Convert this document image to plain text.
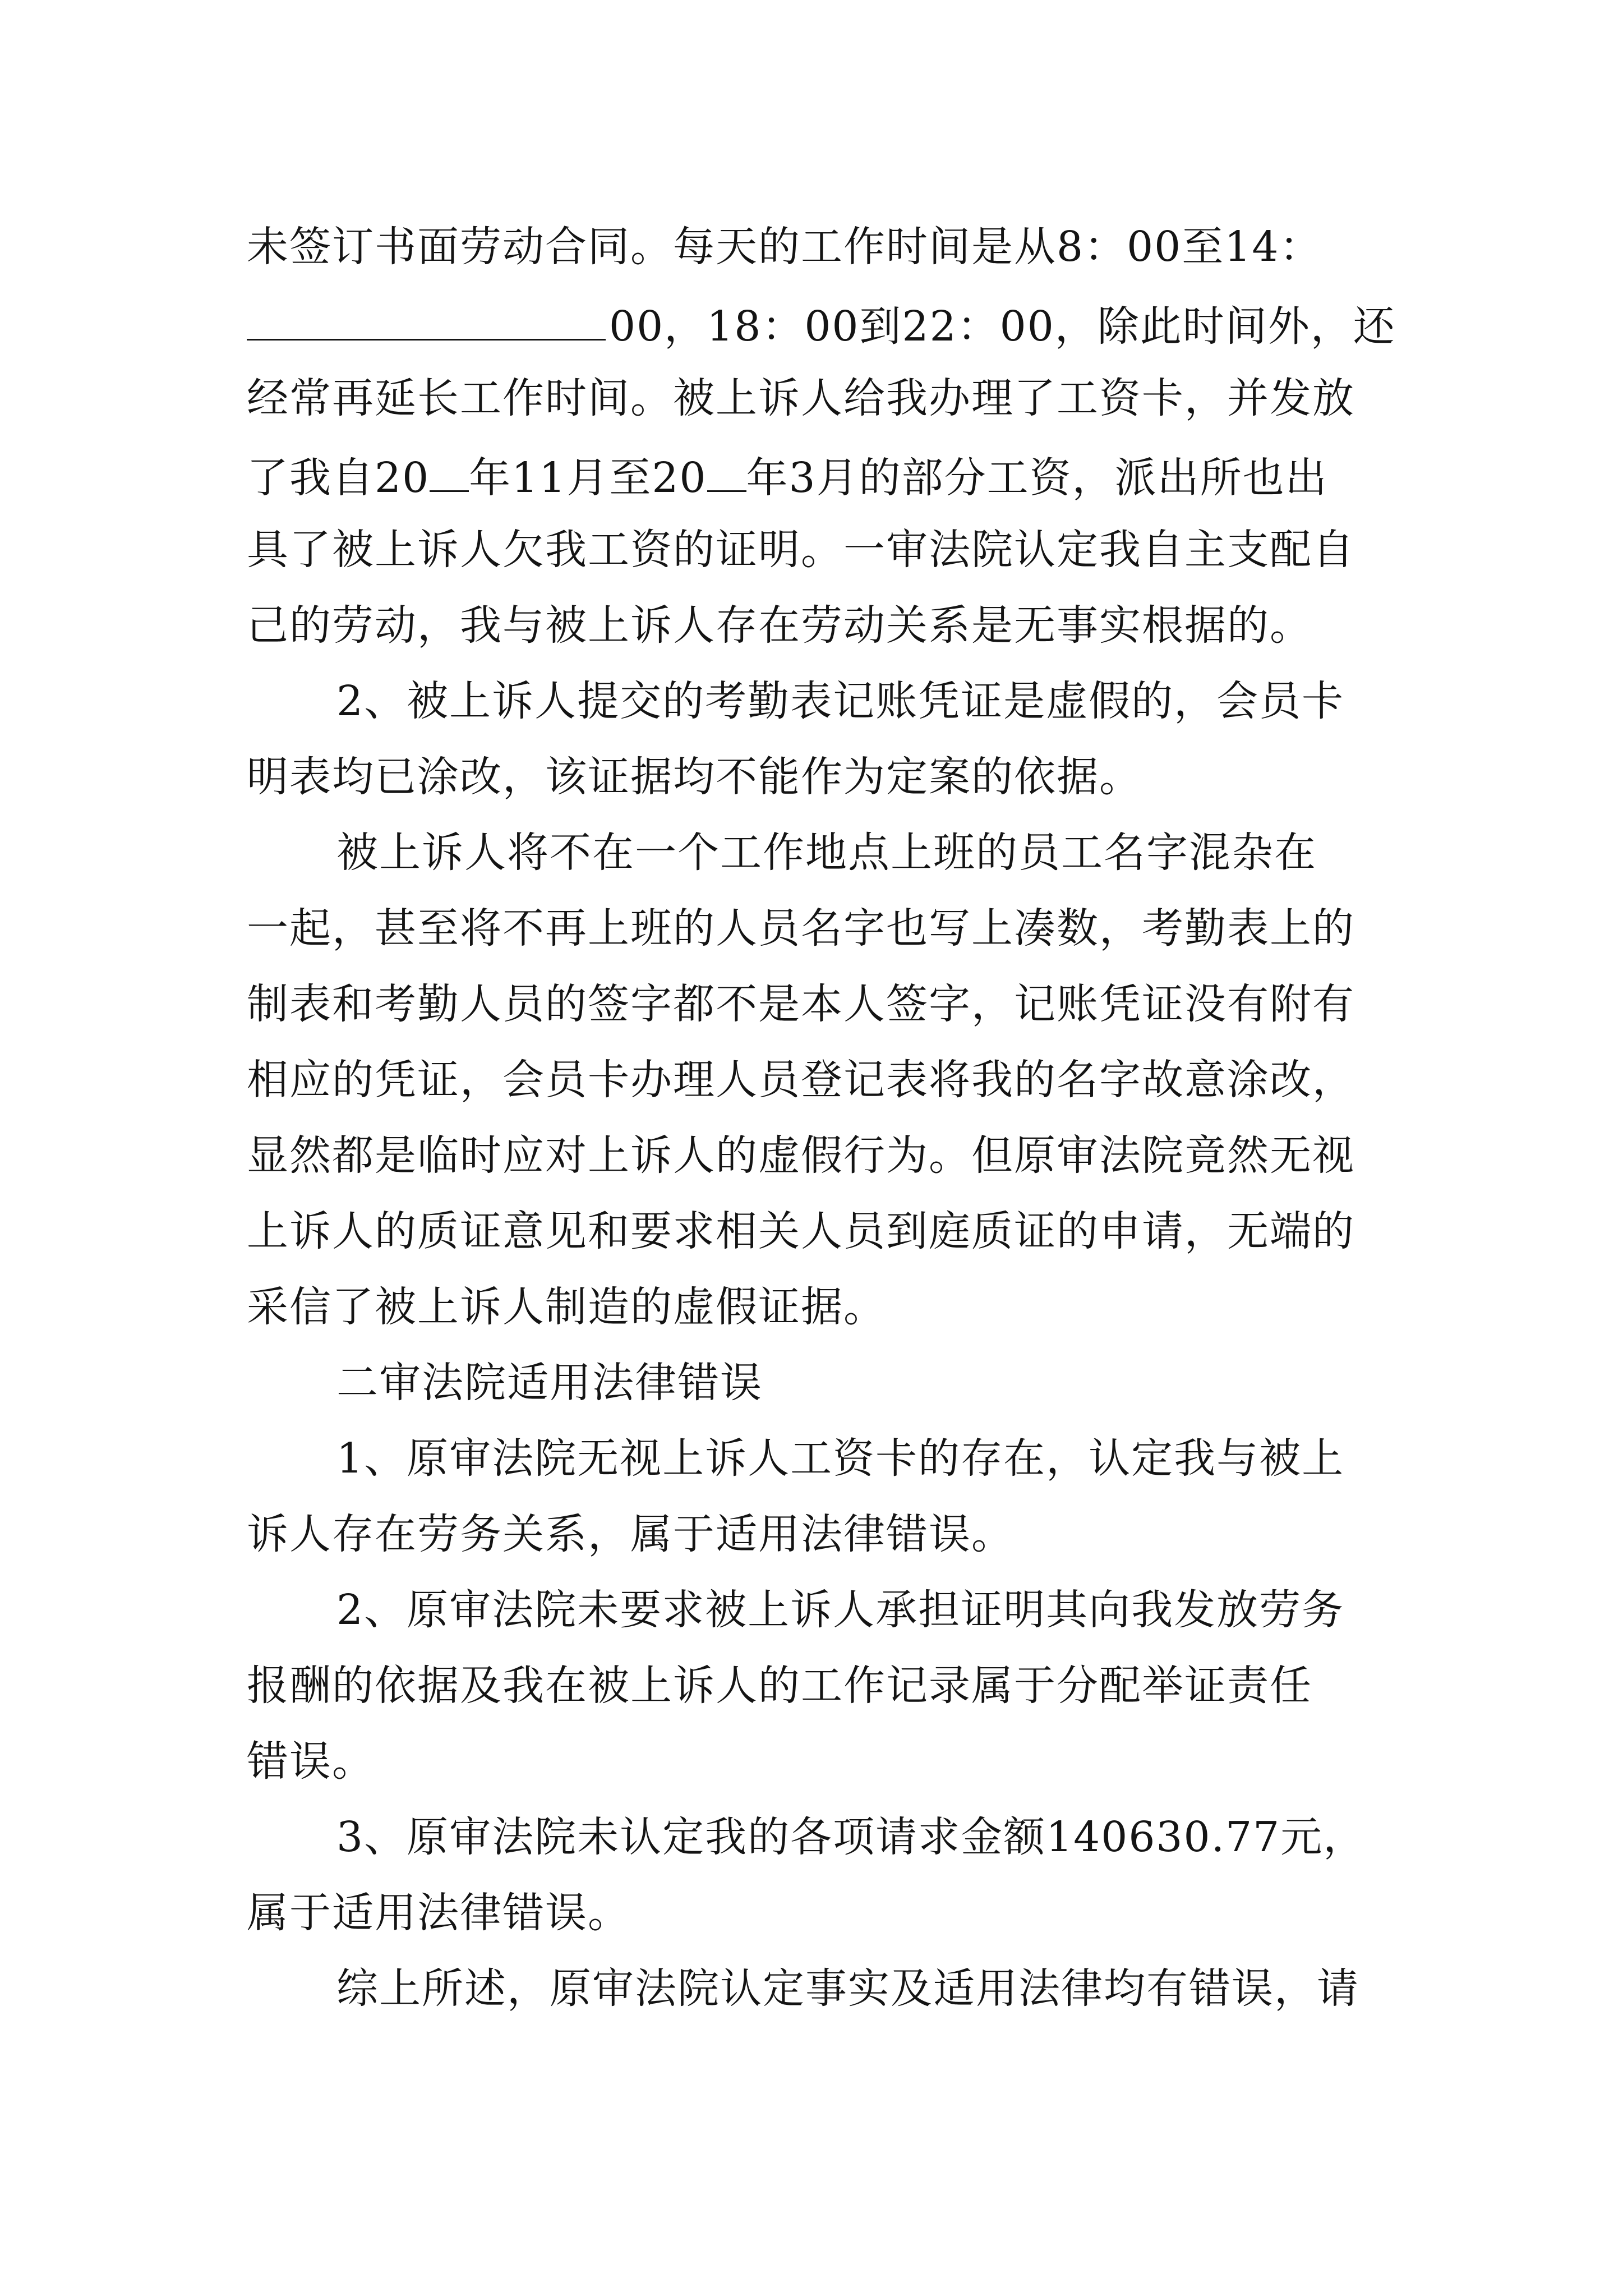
未签订书面劳动合同。每天的工作时间是从8：00至14：
00，18：00到22：00，除此时间外，还
经常再延长工作时间。被上诉人给我办理了工资卡，并发放
了我自20 年11月至20 年3月的部分工资，派出所也出
具了被上诉人欠我工资的证明。一审法院认定我自主支配自
己的劳动，我与被上诉人存在劳动关系是无事实根据的。
2、被上诉人提交的考勤表记账凭证是虚假的，会员卡
明表均已涂改，该证据均不能作为定案的依据。
被上诉人将不在一个工作地点上班的员工名字混杂在
一起，甚至将不再上班的人员名字也写上凑数，考勤表上的
制表和考勤人员的签字都不是本人签字，记账凭证没有附有
相应的凭证，会员卡办理人员登记表将我的名字故意涂改，
显然都是临时应对上诉人的虚假行为。但原审法院竟然无视
上诉人的质证意见和要求相关人员到庭质证的申请，无端的
采信了被上诉人制造的虚假证据。
二审法院适用法律错误
1、原审法院无视上诉人工资卡的存在，认定我与被上
诉人存在劳务关系，属于适用法律错误。
2、原审法院未要求被上诉人承担证明其向我发放劳务
报酬的依据及我在被上诉人的工作记录属于分配举证责任
错误。
3、原审法院未认定我的各项请求金额140630.77元，
属于适用法律错误。
综上所述，原审法院认定事实及适用法律均有错误，请
